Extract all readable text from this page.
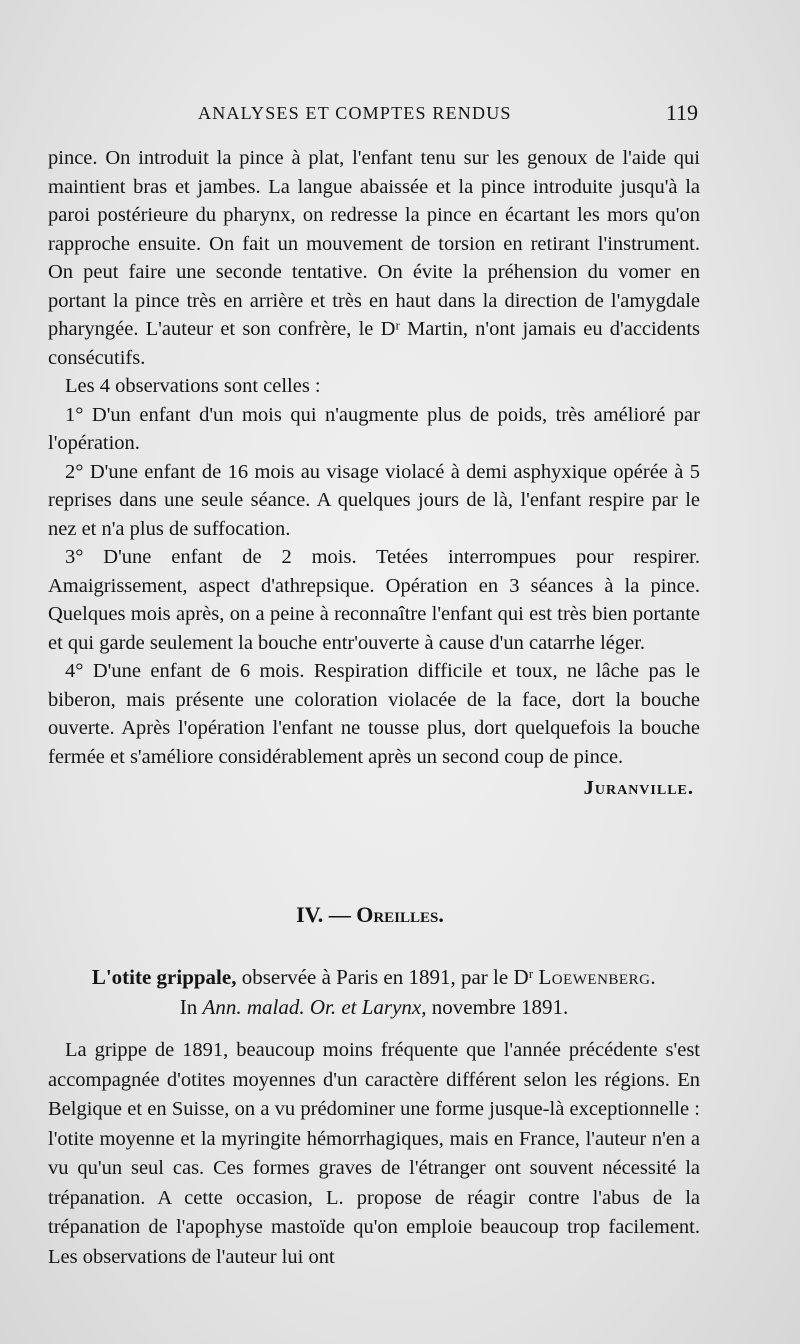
ANALYSES ET COMPTES RENDUS	119

pince. On introduit la pince à plat, l'enfant tenu sur les genoux de l'aide qui maintient bras et jambes. La langue abaissée et la pince introduite jusqu'à la paroi postérieure du pharynx, on redresse la pince en écartant les mors qu'on rapproche ensuite. On fait un mouvement de torsion en retirant l'instrument. On peut faire une seconde tentative. On évite la préhension du vomer en portant la pince très en arrière et très en haut dans la direction de l'amygdale pharyngée. L'auteur et son confrère, le Dʳ Martin, n'ont jamais eu d'accidents consécutifs.

Les 4 observations sont celles :

1° D'un enfant d'un mois qui n'augmente plus de poids, très amélioré par l'opération.

2° D'une enfant de 16 mois au visage violacé à demi asphyxique opérée à 5 reprises dans une seule séance. A quelques jours de là, l'enfant respire par le nez et n'a plus de suffocation.

3° D'une enfant de 2 mois. Tetées interrompues pour respirer. Amaigrissement, aspect d'athrepsique. Opération en 3 séances à la pince. Quelques mois après, on a peine à reconnaître l'enfant qui est très bien portante et qui garde seulement la bouche entr'ouverte à cause d'un catarrhe léger.

4° D'une enfant de 6 mois. Respiration difficile et toux, ne lâche pas le biberon, mais présente une coloration violacée de la face, dort la bouche ouverte. Après l'opération l'enfant ne tousse plus, dort quelquefois la bouche fermée et s'améliore considérablement après un second coup de pince.

Juranville.
IV. — Oreilles.
L'otite grippale, observée à Paris en 1891, par le Dʳ Loewenberg.
In Ann. malad. Or. et Larynx, novembre 1891.

La grippe de 1891, beaucoup moins fréquente que l'année précédente s'est accompagnée d'otites moyennes d'un caractère différent selon les régions. En Belgique et en Suisse, on a vu prédominer une forme jusque-là exceptionnelle : l'otite moyenne et la myringite hémorrhagiques, mais en France, l'auteur n'en a vu qu'un seul cas. Ces formes graves de l'étranger ont souvent nécessité la trépanation. A cette occasion, L. propose de réagir contre l'abus de la trépanation de l'apophyse mastoïde qu'on emploie beaucoup trop facilement. Les observations de l'auteur lui ont
